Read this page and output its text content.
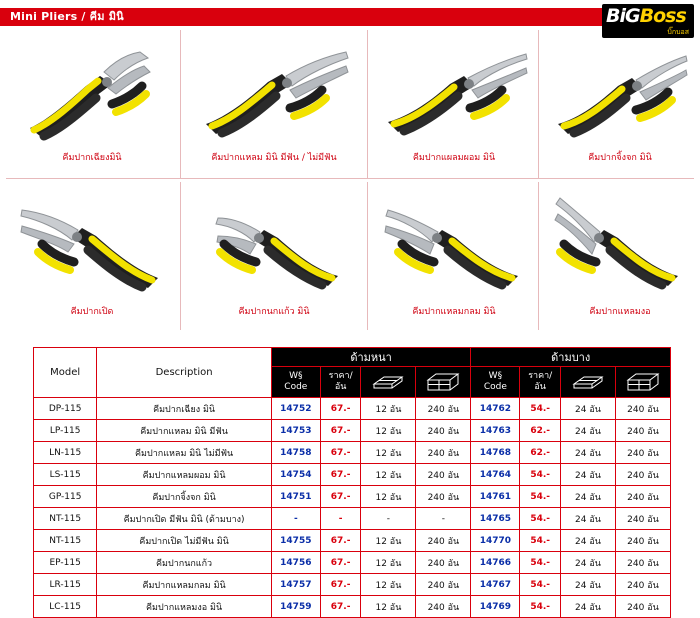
Mini Pliers / คีม มินิ	BiGBoss
บิ๊กบอส
คีมปากเฉียงมินิ	คีมปากแหลม มินิ มีฟัน / ไม่มีฟัน	คีมปากแผลมผอม มินิ	คีมปากจิ้งจก มินิ
คีมปากเปิด	คีมปากนกแก้ว มินิ	คีมปากแหลมกลม มินิ	คีมปากแหลมงอ
Model	Description	ด้ามหนา				ด้ามบาง			

W§
Code

ราคา/
อัน

W§
Code

ราคา/
อัน

DP-115	คีมปากเฉียง มินิ	14752	67.-	12 อัน	240 อัน	14762	54.-	24 อัน	240 อัน
LP-115	คีมปากแหลม มินิ มีฟัน	14753	67.-	12 อัน	240 อัน	14763	62.-	24 อัน	240 อัน
LN-115	คีมปากแหลม มินิ ไม่มีฟัน	14758	67.-	12 อัน	240 อัน	14768	62.-	24 อัน	240 อัน
LS-115	คีมปากแหลมผอม มินิ	14754	67.-	12 อัน	240 อัน	14764	54.-	24 อัน	240 อัน
GP-115	คีมปากจิ้งจก มินิ	14751	67.-	12 อัน	240 อัน	14761	54.-	24 อัน	240 อัน
NT-115	คีมปากเปิด มีฟัน มินิ (ด้ามบาง)	-	-	-	-	14765	54.-	24 อัน	240 อัน
NT-115	คีมปากเปิด ไม่มีฟัน มินิ	14755	67.-	12 อัน	240 อัน	14770	54.-	24 อัน	240 อัน
EP-115	คีมปากนกแก้ว	14756	67.-	12 อัน	240 อัน	14766	54.-	24 อัน	240 อัน
LR-115	คีมปากแหลมกลม มินิ	14757	67.-	12 อัน	240 อัน	14767	54.-	24 อัน	240 อัน
LC-115	คีมปากแหลมงอ มินิ	14759	67.-	12 อัน	240 อัน	14769	54.-	24 อัน	240 อัน
